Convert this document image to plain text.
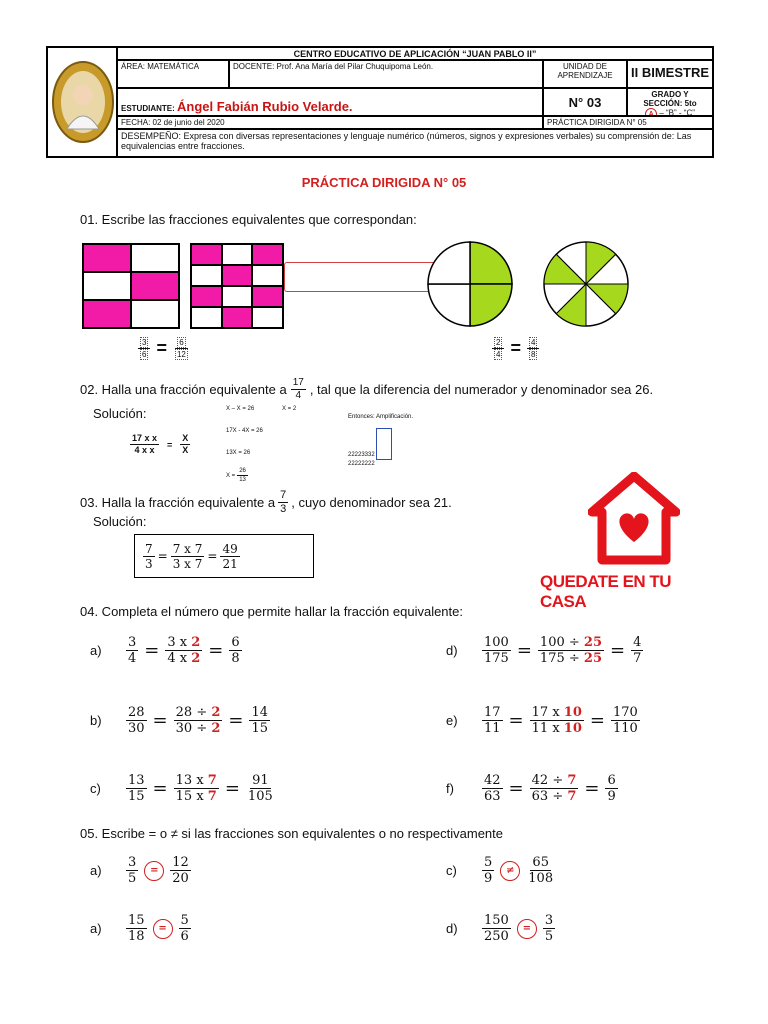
CENTRO EDUCATIVO DE APLICACIÓN “JUAN PABLO II”
ÁREA: MATEMÁTICA	DOCENTE: Prof. Ana María del Pilar Chuquipoma León.	UNIDAD DE APRENDIZAJE	II BIMESTRE
ESTUDIANTE: Ángel Fabián Rubio Velarde.	N° 03
GRADO Y SECCIÓN: 5to
A – “B” - “C”
FECHA: 02 de junio del 2020	PRÁCTICA DIRIGIDA N° 05
DESEMPEÑO: Expresa con diversas representaciones y lenguaje numérico (números, signos y expresiones verbales) su comprensión de: Las equivalencias entre fracciones.
PRÁCTICA DIRIGIDA N° 05
01. Escribe las fracciones equivalentes que correspondan:
$\frac{3}{6} = \frac{6}{12}$	$\frac{2}{4} = \frac{4}{8}$
02. Halla una fracción equivalente a $\frac{17}{4}$ , tal que la diferencia del numerador y denominador sea 26.
Solución:
$\frac{\text{17 x x}}{\text{4 x x}} = \frac{X}{X}$
X – X = 26	X = 2
17X - 4X = 26
13X = 26
$X = \frac{26}{13}$
Entonces: Amplificación.
22223332
22222222
03. Halla la fracción equivalente a $\frac{7}{3}$ , cuyo denominador sea 21.
Solución:
$\frac{7}{3} = \frac{7 x 7}{3 x 7} = \frac{49}{21}$
QUEDATE EN TU CASA
04. Completa el número que permite hallar la fracción equivalente:
a)	$\frac{3}{4} = \frac{3 x 2}{4 x 2} = \frac{6}{8}$
b)	$\frac{28}{30} = \frac{28 \div 2}{30 \div 2} = \frac{14}{15}$
c)	$\frac{13}{15} = \frac{13 x 7}{15 x 7} = \frac{91}{105}$
d)	$\frac{100}{175} = \frac{100 \div 25}{175 \div 25} = \frac{4}{7}$
e)	$\frac{17}{11} = \frac{17 x 10}{11 x 10} = \frac{170}{110}$
f)	$\frac{42}{63} = \frac{42 \div 7}{63 \div 7} = \frac{6}{9}$
05. Escribe = o ≠ si las fracciones son equivalentes o no respectivamente
a)	$\frac{3}{5}$	= $\frac{12}{20}$
a)	$\frac{15}{18}$	= $\frac{5}{6}$
c)	$\frac{5}{9}$	≠ $\frac{65}{108}$
d)	$\frac{150}{250}$	= $\frac{3}{5}$
